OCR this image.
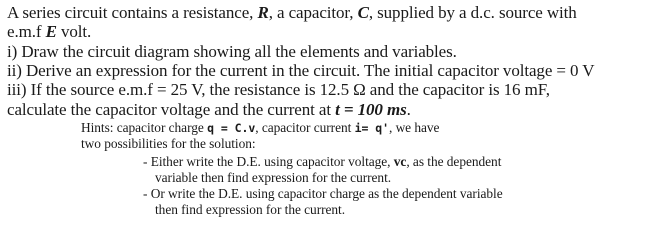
A series circuit contains a resistance, R, a capacitor, C, supplied by a d.c. source with
e.m.f E volt.
i) Draw the circuit diagram showing all the elements and variables.
ii) Derive an expression for the current in the circuit. The initial capacitor voltage = 0 V
iii) If the source e.m.f = 25 V, the resistance is 12.5 Ω and the capacitor is 16 mF,
calculate the capacitor voltage and the current at t = 100 ms.
Hints: capacitor charge q = C.v, capacitor current i= q', we have
two possibilities for the solution:
- Either write the D.E. using capacitor voltage, vc, as the dependent
variable then find expression for the current.
- Or write the D.E. using capacitor charge as the dependent variable
then find expression for the current.
